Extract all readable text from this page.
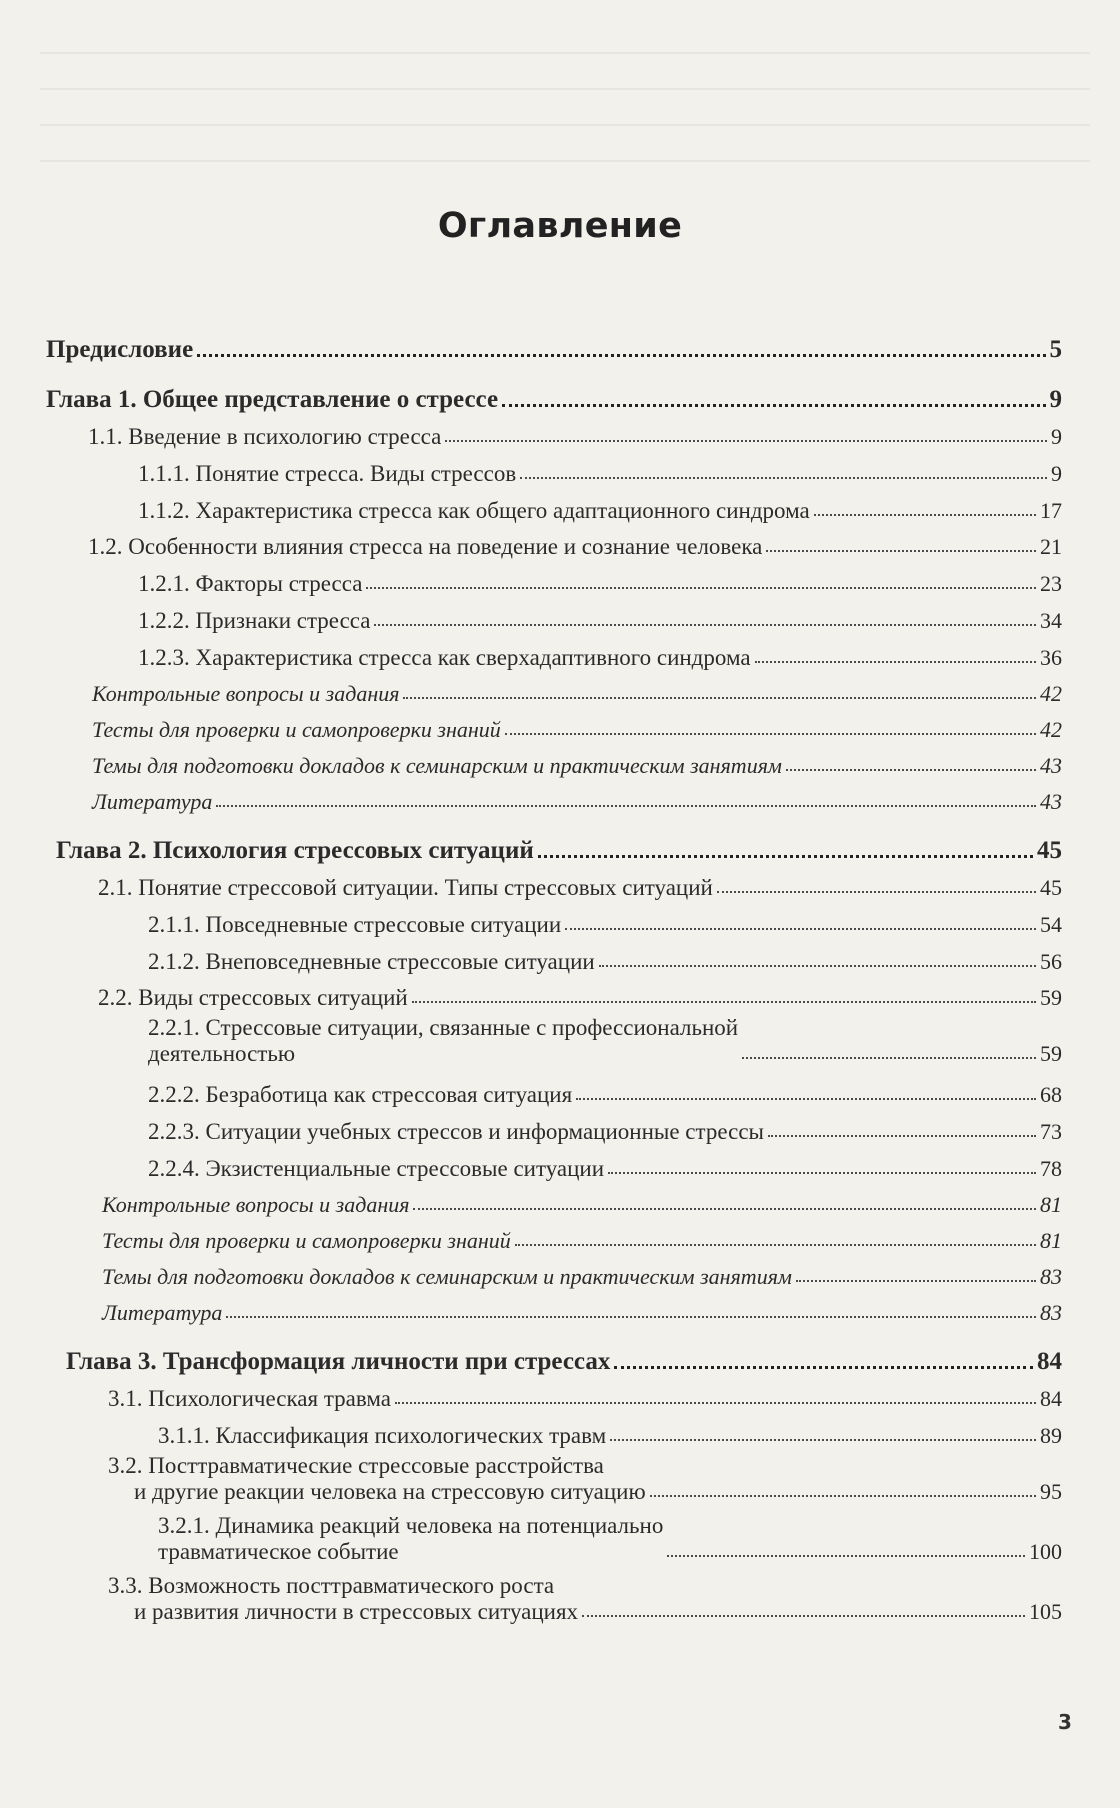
Оглавление
Предисловие	5
Глава 1. Общее представление о стрессе	9
1.1. Введение в психологию стресса	9
1.1.1. Понятие стресса. Виды стрессов	9
1.1.2. Характеристика стресса как общего адаптационного синдрома	17
1.2. Особенности влияния стресса на поведение и сознание человека	21
1.2.1. Факторы стресса	23
1.2.2. Признаки стресса	34
1.2.3. Характеристика стресса как сверхадаптивного синдрома	36
Контрольные вопросы и задания	42
Тесты для проверки и самопроверки знаний	42
Темы для подготовки докладов к семинарским и практическим занятиям	43
Литература	43
Глава 2. Психология стрессовых ситуаций	45
2.1. Понятие стрессовой ситуации. Типы стрессовых ситуаций	45
2.1.1. Повседневные стрессовые ситуации	54
2.1.2. Внеповседневные стрессовые ситуации	56
2.2. Виды стрессовых ситуаций	59
2.2.1. Стрессовые ситуации, связанные с профессиональной
деятельностью	59
2.2.2. Безработица как стрессовая ситуация	68
2.2.3. Ситуации учебных стрессов и информационные стрессы	73
2.2.4. Экзистенциальные стрессовые ситуации	78
Контрольные вопросы и задания	81
Тесты для проверки и самопроверки знаний	81
Темы для подготовки докладов к семинарским и практическим занятиям	83
Литература	83
Глава 3. Трансформация личности при стрессах	84
3.1. Психологическая травма	84
3.1.1. Классификация психологических травм	89
3.2. Посттравматические стрессовые расстройства
и другие реакции человека на стрессовую ситуацию	95
3.2.1. Динамика реакций человека на потенциально
травматическое событие	100
3.3. Возможность посттравматического роста
и развития личности в стрессовых ситуациях	105
3
